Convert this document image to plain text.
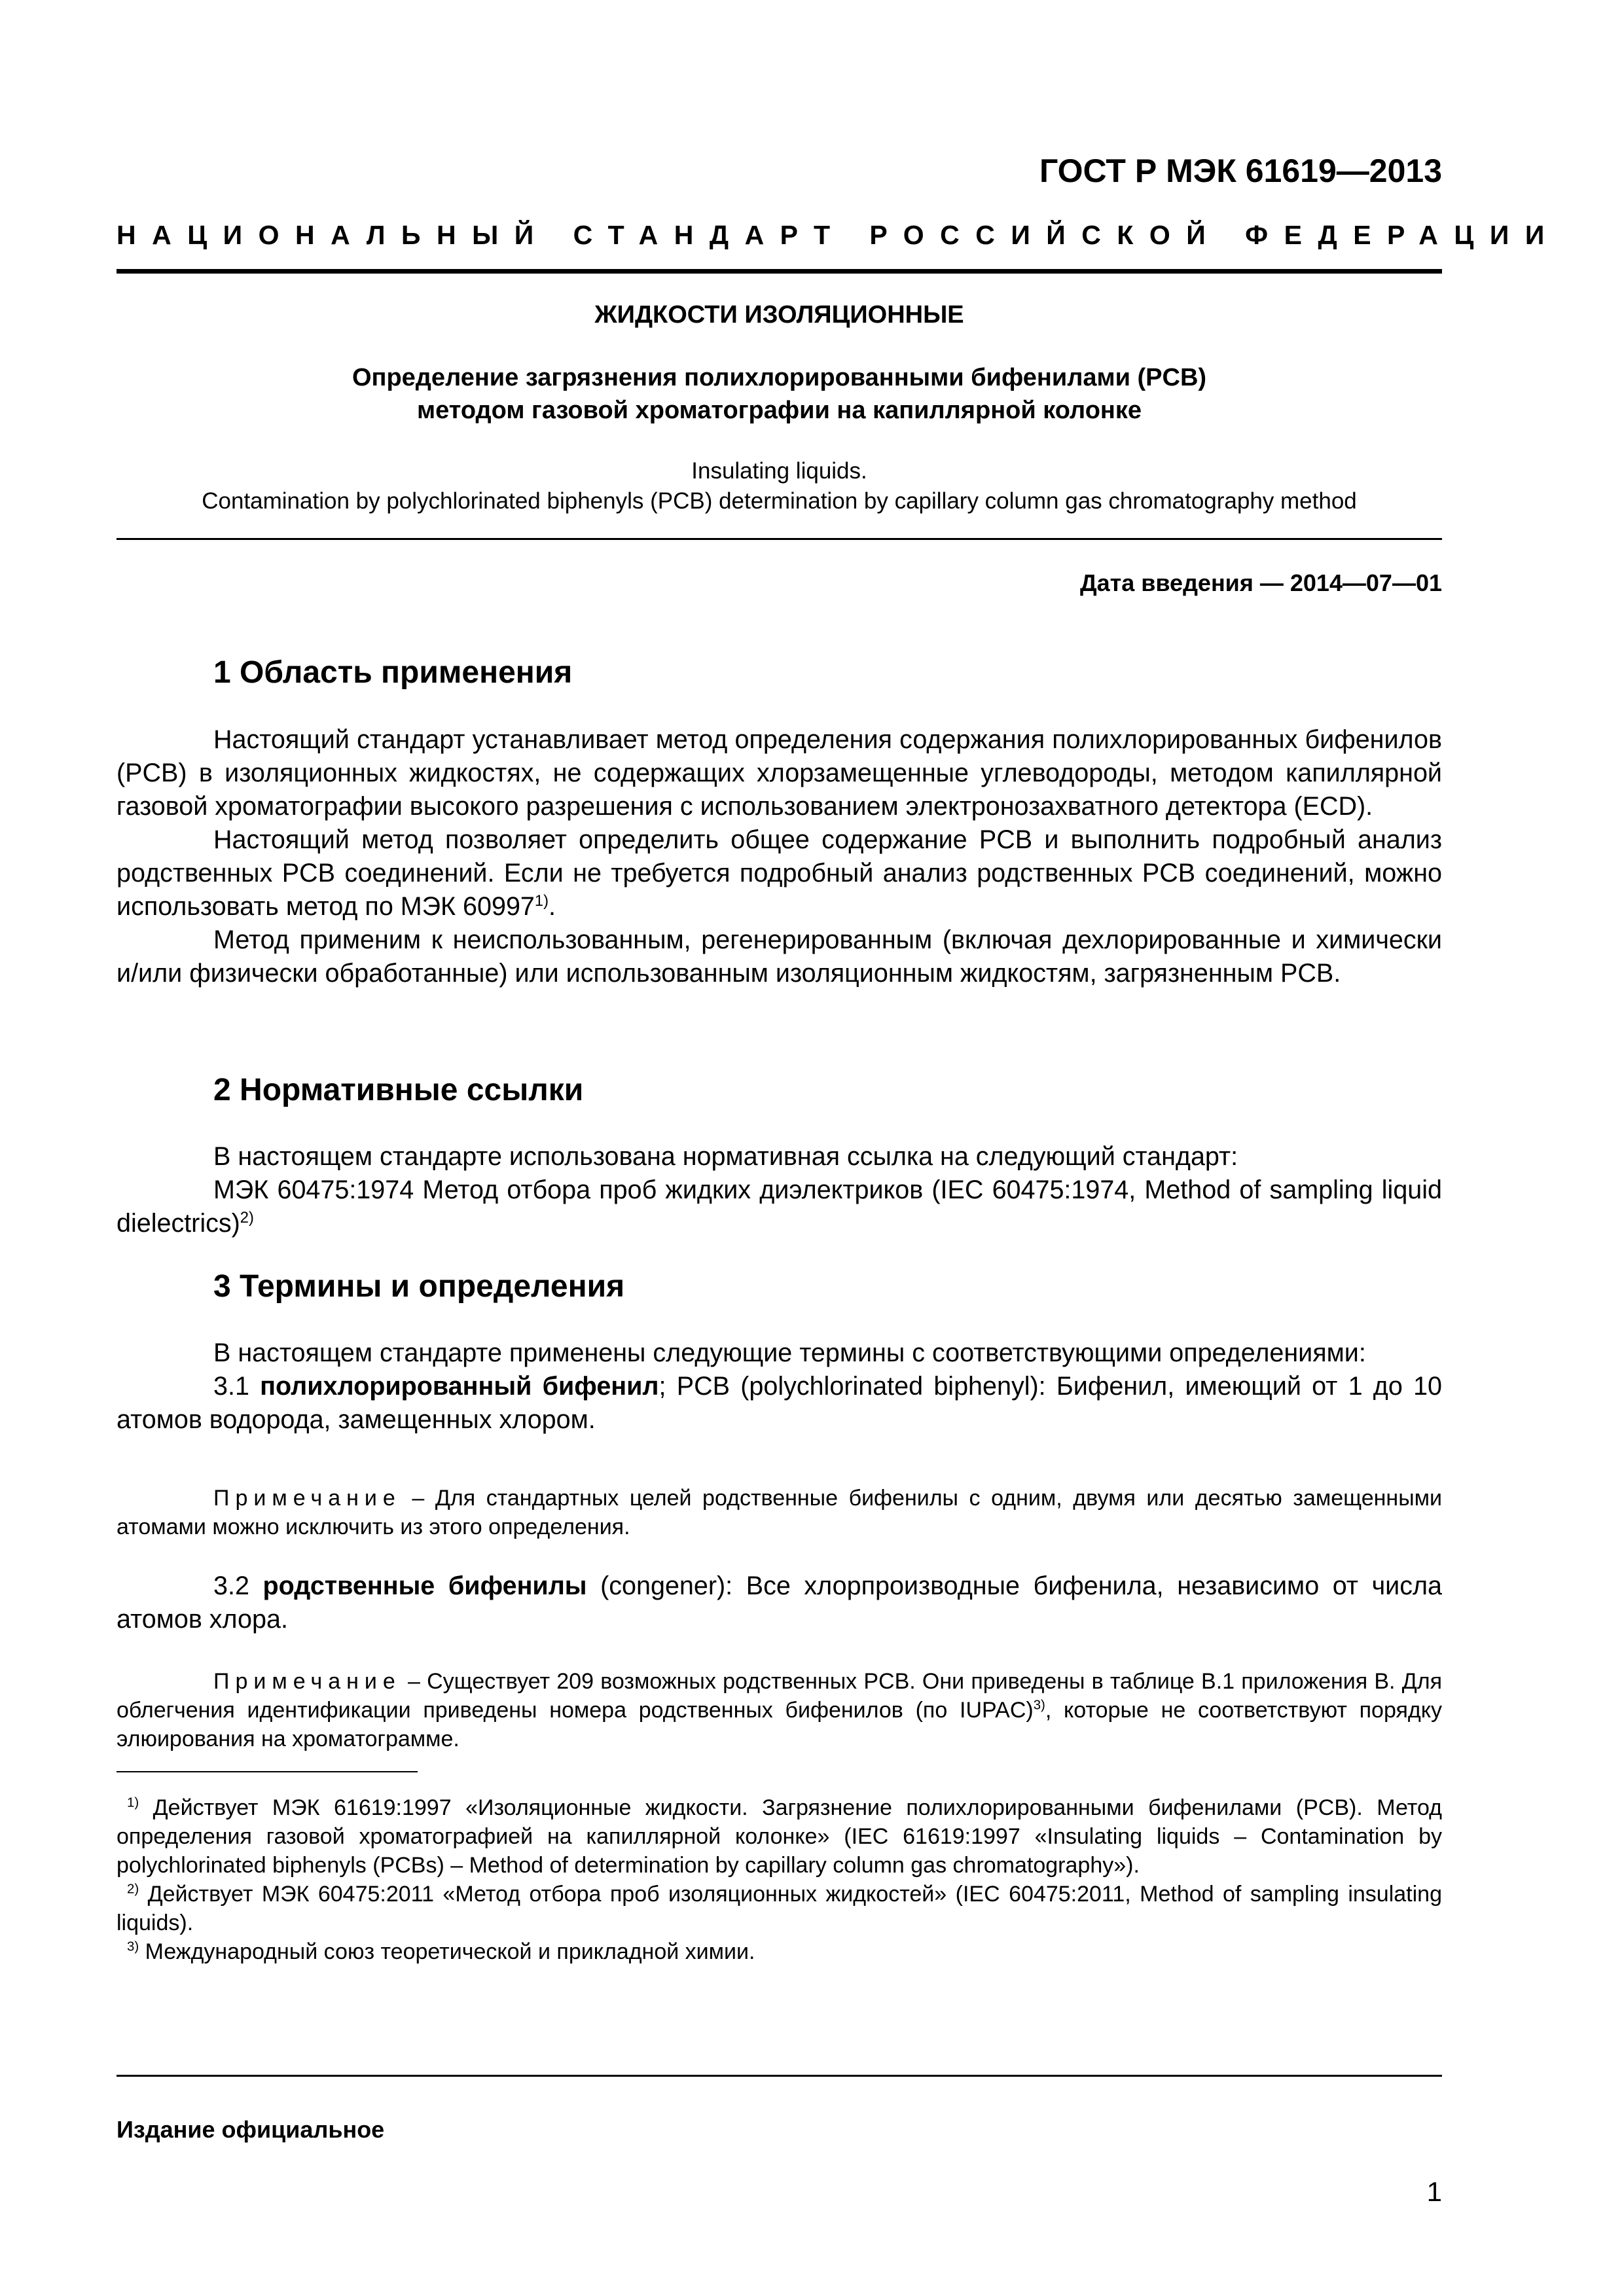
ГОСТ Р МЭК 61619—2013
НАЦИОНАЛЬНЫЙ СТАНДАРТ РОССИЙСКОЙ ФЕДЕРАЦИИ
ЖИДКОСТИ ИЗОЛЯЦИОННЫЕ
Определение загрязнения полихлорированными бифенилами (PCB)
методом газовой хроматографии на капиллярной колонке
Insulating liquids.
Contamination by polychlorinated biphenyls (PCB) determination by capillary column gas chromatography method
Дата введения — 2014—07—01
1 Область применения
Настоящий стандарт устанавливает метод определения содержания полихлорированных бифенилов (PCB) в изоляционных жидкостях, не содержащих хлорзамещенные углеводороды, методом капиллярной газовой хроматографии высокого разрешения с использованием электронозахватного детектора (ECD).
Настоящий метод позволяет определить общее содержание PCB и выполнить подробный анализ родственных PCB соединений. Если не требуется подробный анализ родственных PCB соединений, можно использовать метод по МЭК 60997$^{1)}$.
Метод применим к неиспользованным, регенерированным (включая дехлорированные и химически и/или физически обработанные) или использованным изоляционным жидкостям, загрязненным PCB.
2 Нормативные ссылки
В настоящем стандарте использована нормативная ссылка на следующий стандарт:
МЭК 60475:1974 Метод отбора проб жидких диэлектриков (IEC 60475:1974, Method of sampling liquid dielectrics)$^{2)}$
3 Термины и определения
В настоящем стандарте применены следующие термины с соответствующими определениями:
3.1 полихлорированный бифенил; PCB (polychlorinated biphenyl): Бифенил, имеющий от 1 до 10 атомов водорода, замещенных хлором.
Примечание – Для стандартных целей родственные бифенилы с одним, двумя или десятью замещенными атомами можно исключить из этого определения.
3.2 родственные бифенилы (congener): Все хлорпроизводные бифенила, независимо от числа атомов хлора.
Примечание – Существует 209 возможных родственных PCB. Они приведены в таблице В.1 приложения В. Для облегчения идентификации приведены номера родственных бифенилов (по IUPAC)$^{3)}$, которые не соответствуют порядку элюирования на хроматограмме.
$^{1)}$ Действует МЭК 61619:1997 «Изоляционные жидкости. Загрязнение полихлорированными бифенилами (PCB). Метод определения газовой хроматографией на капиллярной колонке» (IEC 61619:1997 «Insulating liquids – Contamination by polychlorinated biphenyls (PCBs) – Method of determination by capillary column gas chromatography»).
$^{2)}$ Действует МЭК 60475:2011 «Метод отбора проб изоляционных жидкостей» (IEC 60475:2011, Method of sampling insulating liquids).
$^{3)}$ Международный союз теоретической и прикладной химии.
Издание официальное
1
